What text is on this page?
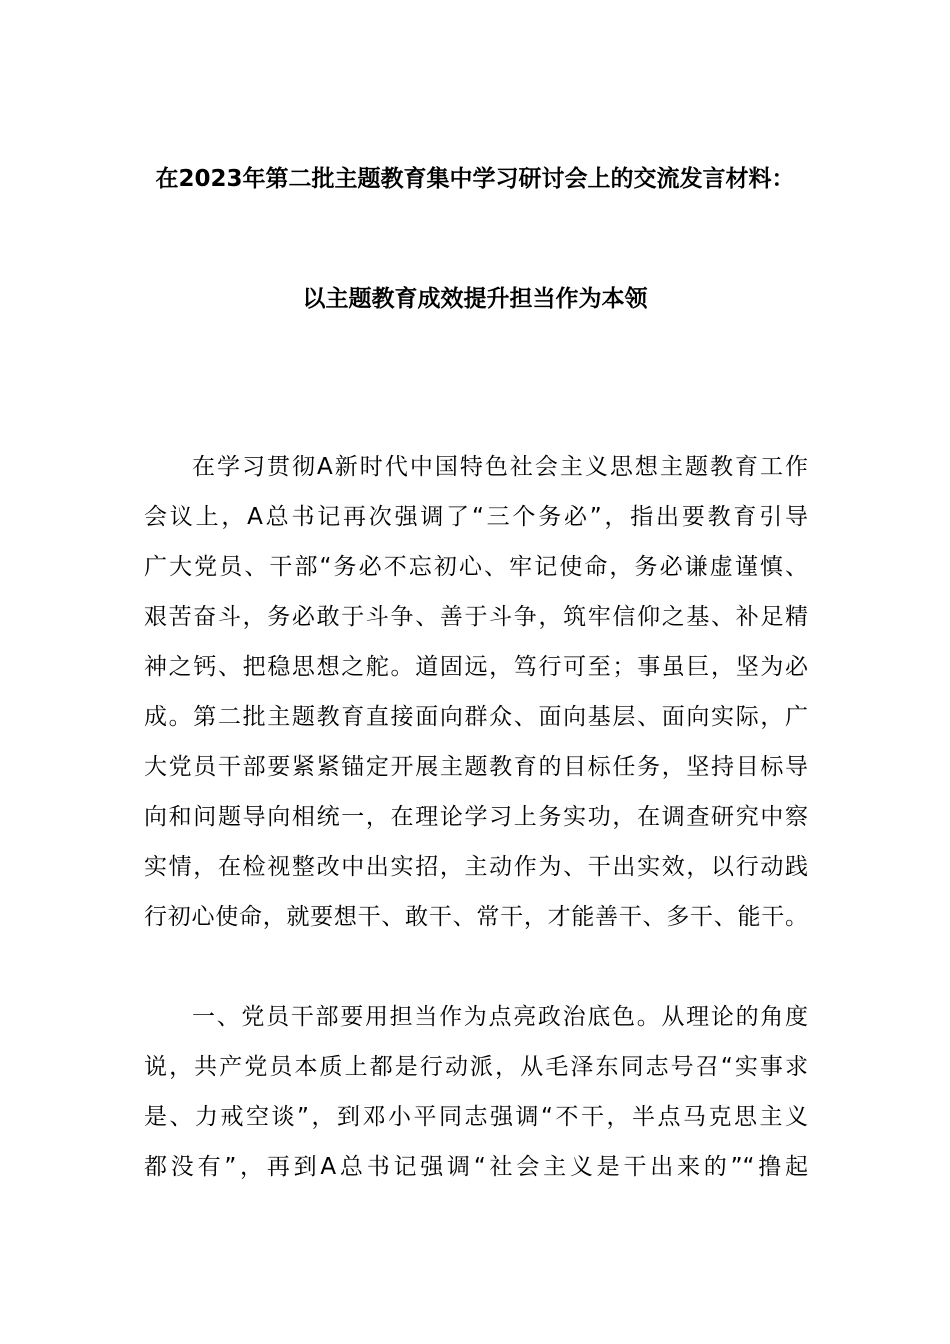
在2023年第二批主题教育集中学习研讨会上的交流发言材料：
以主题教育成效提升担当作为本领
在学习贯彻A新时代中国特色社会主义思想主题教育工作
会议上，A总书记再次强调了“三个务必”，指出要教育引导
广大党员、干部“务必不忘初心、牢记使命，务必谦虚谨慎、
艰苦奋斗，务必敢于斗争、善于斗争，筑牢信仰之基、补足精
神之钙、把稳思想之舵。道固远，笃行可至；事虽巨，坚为必
成。第二批主题教育直接面向群众、面向基层、面向实际，广
大党员干部要紧紧锚定开展主题教育的目标任务，坚持目标导
向和问题导向相统一，在理论学习上务实功，在调查研究中察
实情，在检视整改中出实招，主动作为、干出实效，以行动践
行初心使命，就要想干、敢干、常干，才能善干、多干、能干。
一、党员干部要用担当作为点亮政治底色。从理论的角度
说，共产党员本质上都是行动派，从毛泽东同志号召“实事求
是、力戒空谈”，到邓小平同志强调“不干，半点马克思主义
都没有”，再到A总书记强调“社会主义是干出来的”“撸起
